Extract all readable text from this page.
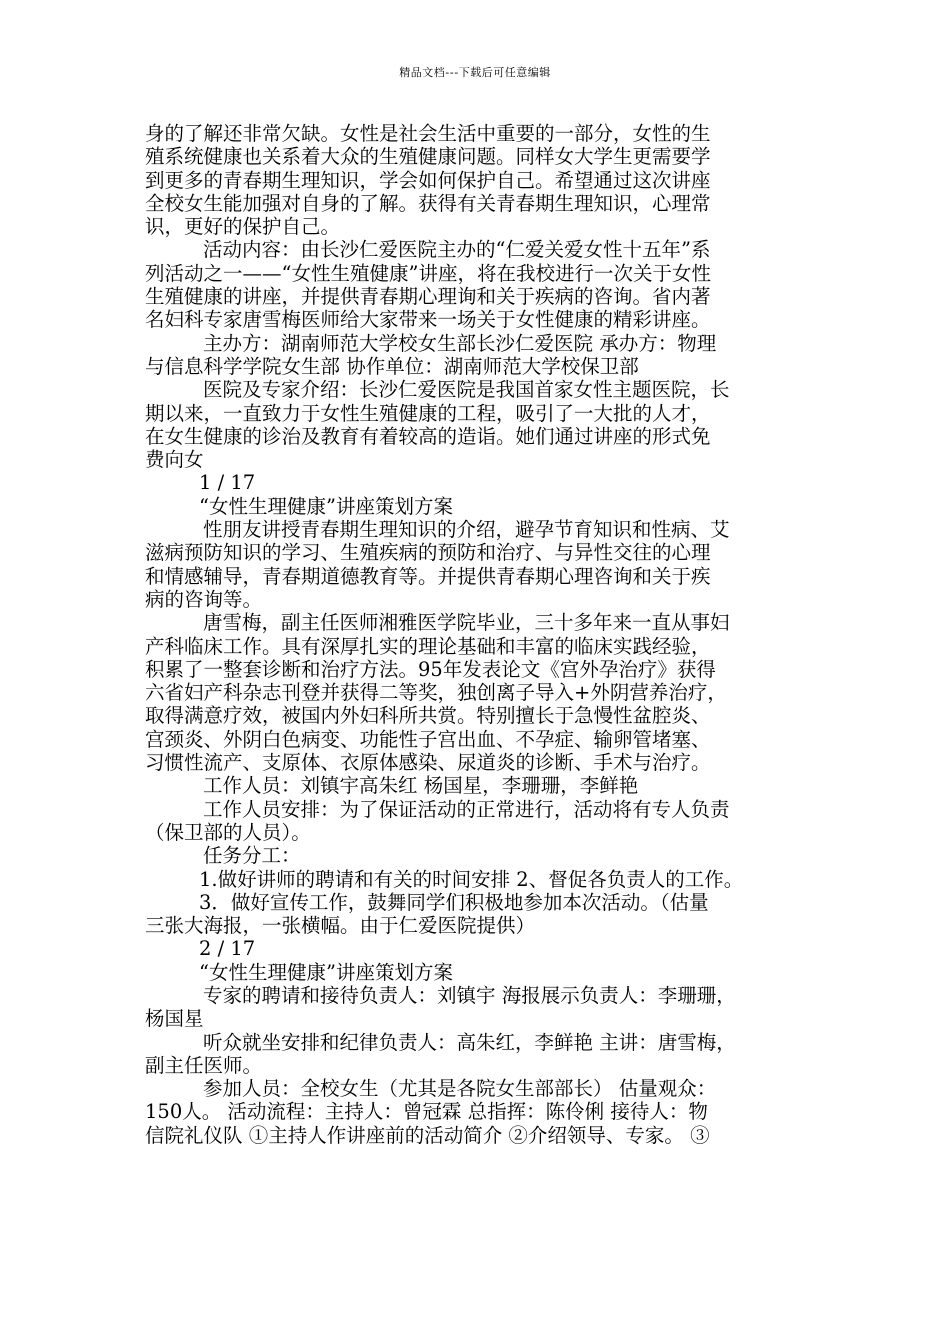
精品文档---下载后可任意编辑
身的了解还非常欠缺。女性是社会生活中重要的一部分，女性的生
殖系统健康也关系着大众的生殖健康问题。同样女大学生更需要学
到更多的青春期生理知识，学会如何保护自己。希望通过这次讲座
全校女生能加强对自身的了解。获得有关青春期生理知识，心理常
识，更好的保护自己。
活动内容：由长沙仁爱医院主办的“仁爱关爱女性十五年”系
列活动之一——“女性生殖健康”讲座，将在我校进行一次关于女性
生殖健康的讲座，并提供青春期心理询和关于疾病的咨询。省内著
名妇科专家唐雪梅医师给大家带来一场关于女性健康的精彩讲座。
主办方：湖南师范大学校女生部长沙仁爱医院 承办方：物理
与信息科学学院女生部 协作单位：湖南师范大学校保卫部
医院及专家介绍：长沙仁爱医院是我国首家女性主题医院，长
期以来，一直致力于女性生殖健康的工程，吸引了一大批的人才，
在女生健康的诊治及教育有着较高的造诣。她们通过讲座的形式免
费向女
1 / 17
“女性生理健康”讲座策划方案
性朋友讲授青春期生理知识的介绍，避孕节育知识和性病、艾
滋病预防知识的学习、生殖疾病的预防和治疗、与异性交往的心理
和情感辅导，青春期道德教育等。并提供青春期心理咨询和关于疾
病的咨询等。
唐雪梅，副主任医师湘雅医学院毕业，三十多年来一直从事妇
产科临床工作。具有深厚扎实的理论基础和丰富的临床实践经验，
积累了一整套诊断和治疗方法。95年发表论文《宫外孕治疗》获得
六省妇产科杂志刊登并获得二等奖，独创离子导入+外阴营养治疗，
取得满意疗效，被国内外妇科所共赏。特别擅长于急慢性盆腔炎、
宫颈炎、外阴白色病变、功能性子宫出血、不孕症、输卵管堵塞、
习惯性流产、支原体、衣原体感染、尿道炎的诊断、手术与治疗。
工作人员：刘镇宇高朱红 杨国星，李珊珊，李鲜艳
工作人员安排：为了保证活动的正常进行，活动将有专人负责
（保卫部的人员）。
任务分工：
1.做好讲师的聘请和有关的时间安排 2、督促各负责人的工作。
3．做好宣传工作，鼓舞同学们积极地参加本次活动。（估量
三张大海报，一张横幅。由于仁爱医院提供）
2 / 17
“女性生理健康”讲座策划方案
专家的聘请和接待负责人：刘镇宇 海报展示负责人：李珊珊，
杨国星
听众就坐安排和纪律负责人：高朱红，李鲜艳 主讲：唐雪梅，
副主任医师。
参加人员：全校女生（尤其是各院女生部部长） 估量观众：
150人。 活动流程：主持人：曾冠霖 总指挥：陈伶俐 接待人：物
信院礼仪队 ①主持人作讲座前的活动简介 ②介绍领导、专家。 ③
